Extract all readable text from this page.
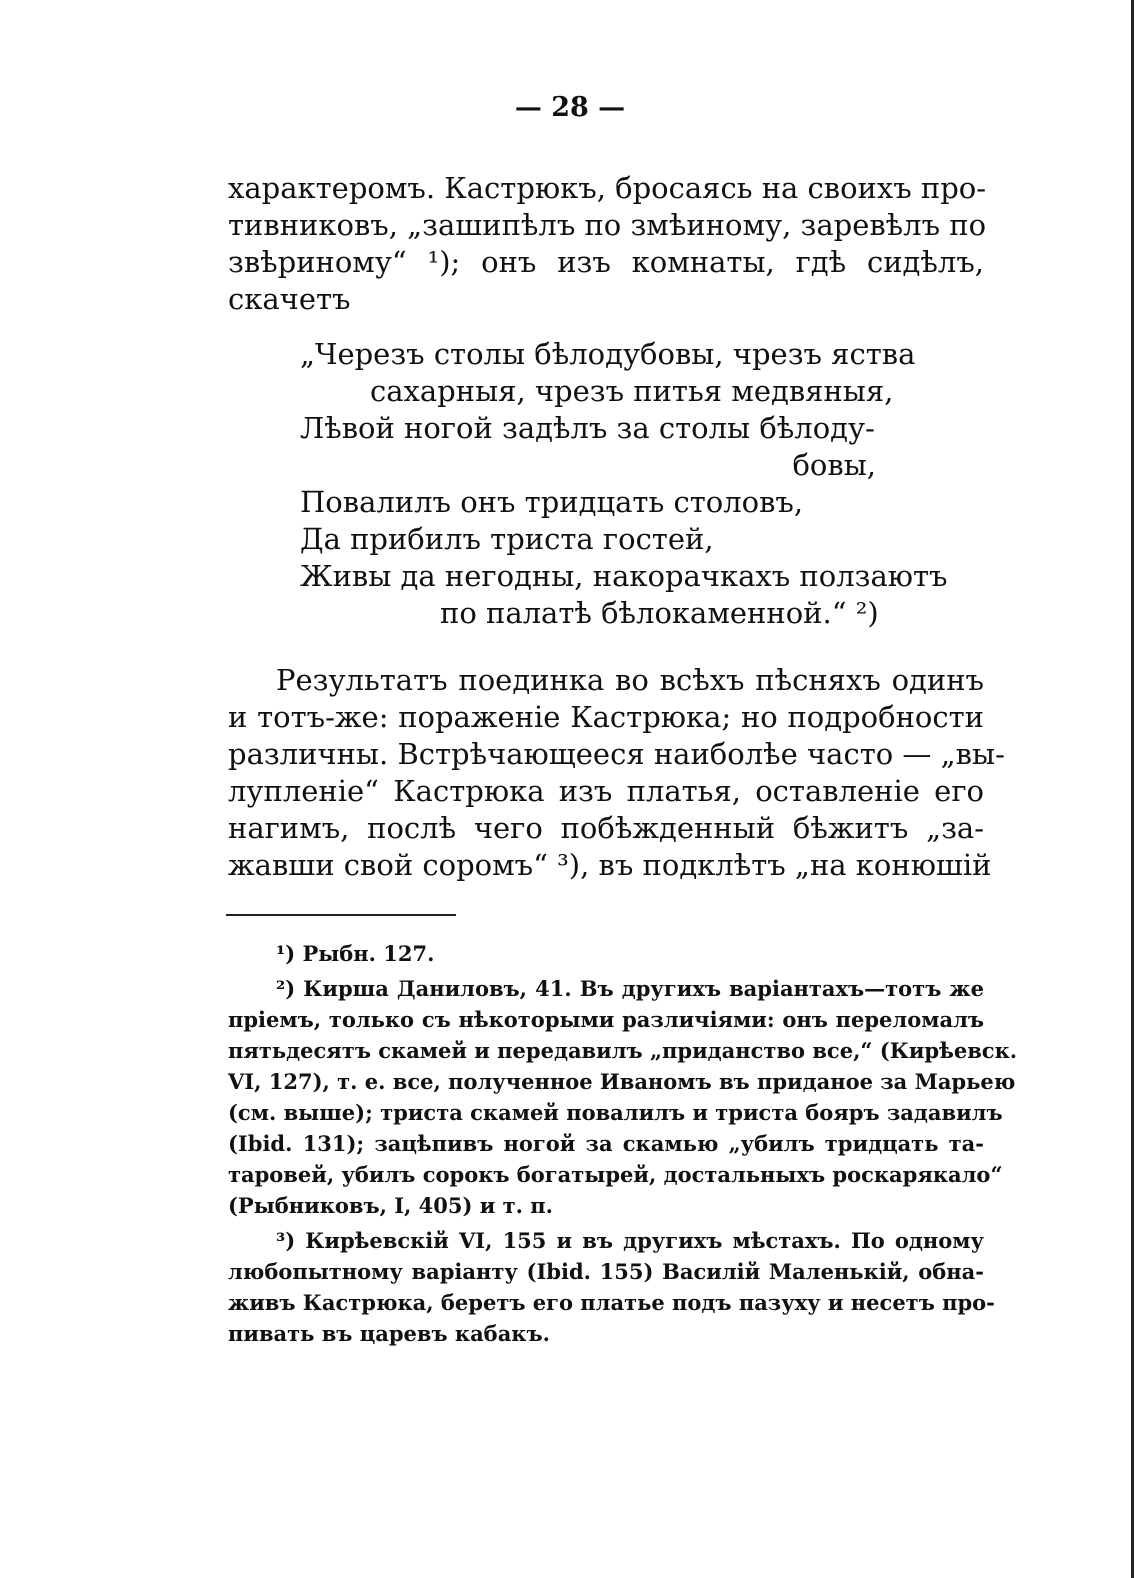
— 28 —
характеромъ. Кастрюкъ, бросаясь на своихъ про-
тивниковъ, „зашипѣлъ по змѣиному, заревѣлъ по
звѣриному“ ¹); онъ изъ комнаты, гдѣ сидѣлъ,
скачетъ
„Черезъ столы бѣлодубовы, чрезъ яства
сахарныя, чрезъ питья медвяныя,
Лѣвой ногой задѣлъ за столы бѣлоду-
бовы,
Повалилъ онъ тридцать столовъ,
Да прибилъ триста гостей,
Живы да негодны, накорачкахъ ползаютъ
по палатѣ бѣлокаменной.“ ²)
Результатъ поединка во всѣхъ пѣсняхъ одинъ
и тотъ-же: пораженіе Кастрюка; но подробности
различны. Встрѣчающееся наиболѣе часто — „вы-
лупленіе“ Кастрюка изъ платья, оставленіе его
нагимъ, послѣ чего побѣжденный бѣжитъ „за-
жавши свой соромъ“ ³), въ подклѣтъ „на конюшій
¹) Рыбн. 127.
²) Кирша Даниловъ, 41. Въ другихъ варіантахъ—тотъ же
пріемъ, только съ нѣкоторыми различіями: онъ переломалъ
пятьдесятъ скамей и передавилъ „приданство все,“ (Кирѣевск.
VI, 127), т. е. все, полученное Иваномъ въ приданое за Марьею
(см. выше); триста скамей повалилъ и триста бояръ задавилъ
(Ibid. 131); зацѣпивъ ногой за скамью „убилъ тридцать та-
таровей, убилъ сорокъ богатырей, достальныхъ роскарякало“
(Рыбниковъ, I, 405) и т. п.
³) Кирѣевскій VI, 155 и въ другихъ мѣстахъ. По одному
любопытному варіанту (Ibid. 155) Василій Маленькій, обна-
живъ Кастрюка, беретъ его платье подъ пазуху и несетъ про-
пивать въ царевъ кабакъ.
